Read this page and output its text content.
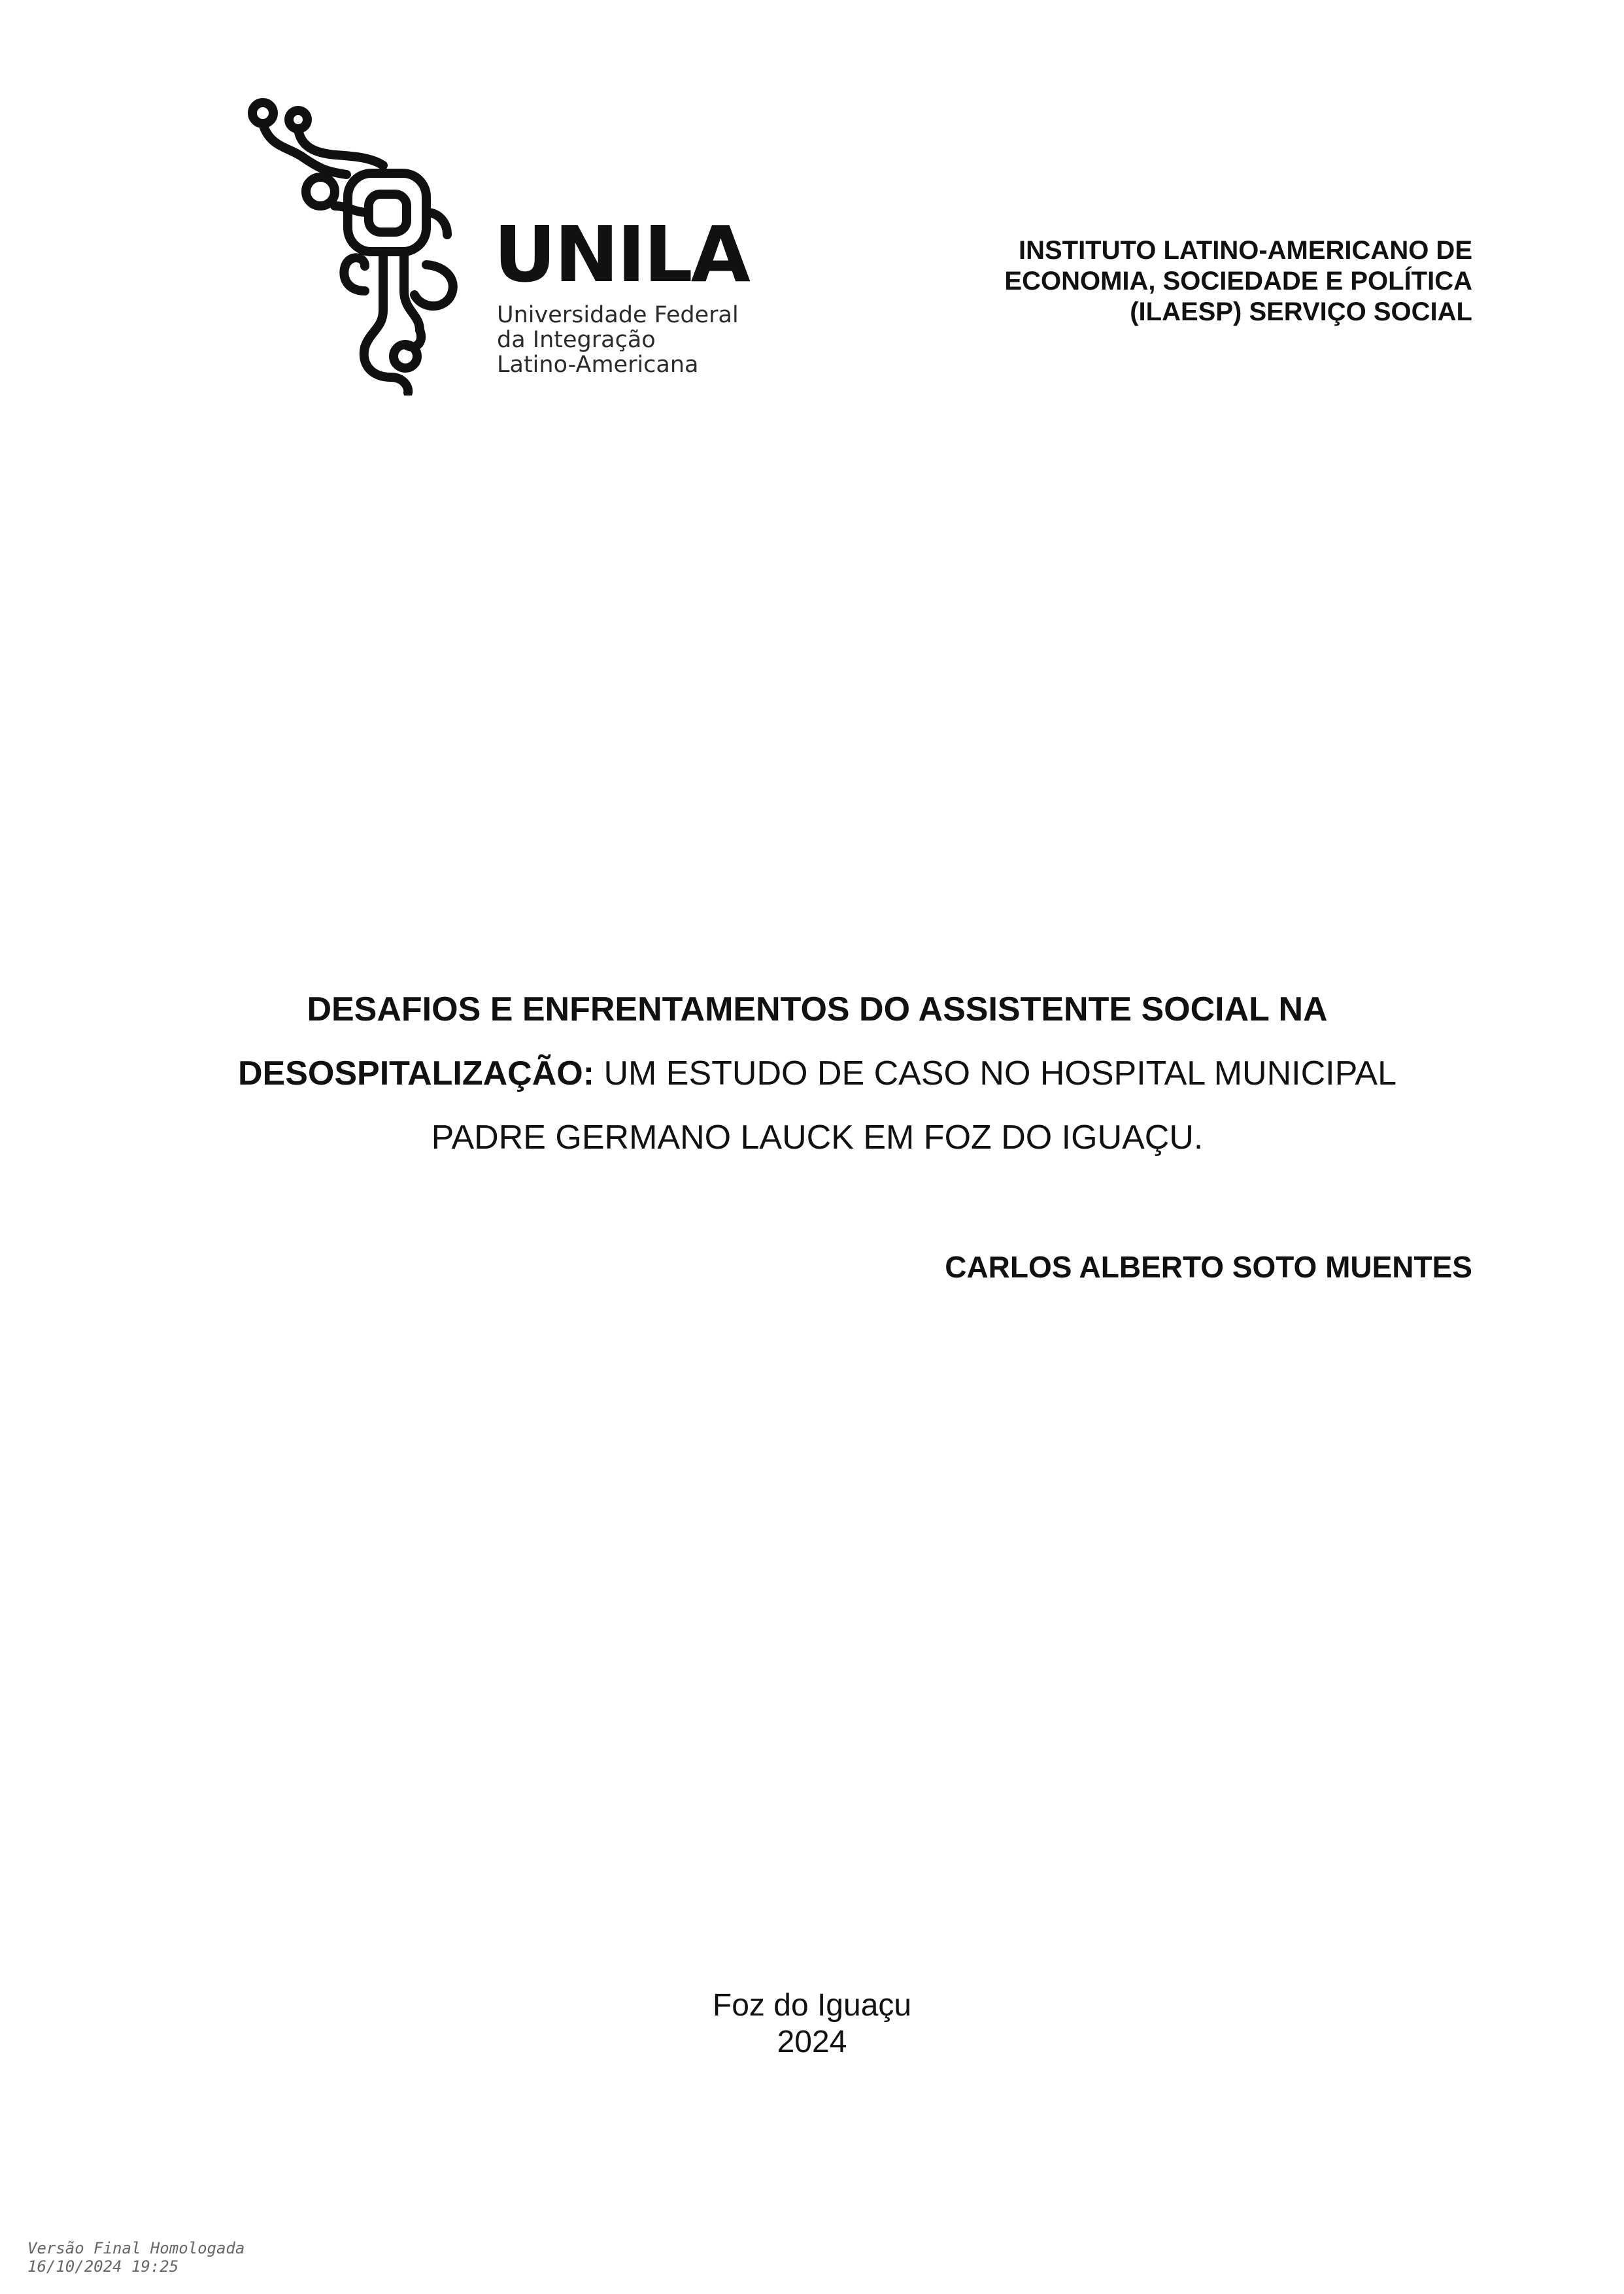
UNILA
Universidade Federal
da Integração
Latino-Americana
INSTITUTO LATINO-AMERICANO DE
ECONOMIA, SOCIEDADE E POLÍTICA
(ILAESP) SERVIÇO SOCIAL
DESAFIOS E ENFRENTAMENTOS DO ASSISTENTE SOCIAL NA
DESOSPITALIZAÇÃO: UM ESTUDO DE CASO NO HOSPITAL MUNICIPAL
PADRE GERMANO LAUCK EM FOZ DO IGUAÇU.
CARLOS ALBERTO SOTO MUENTES
Foz do Iguaçu
2024
Versão Final Homologada
16/10/2024 19:25
